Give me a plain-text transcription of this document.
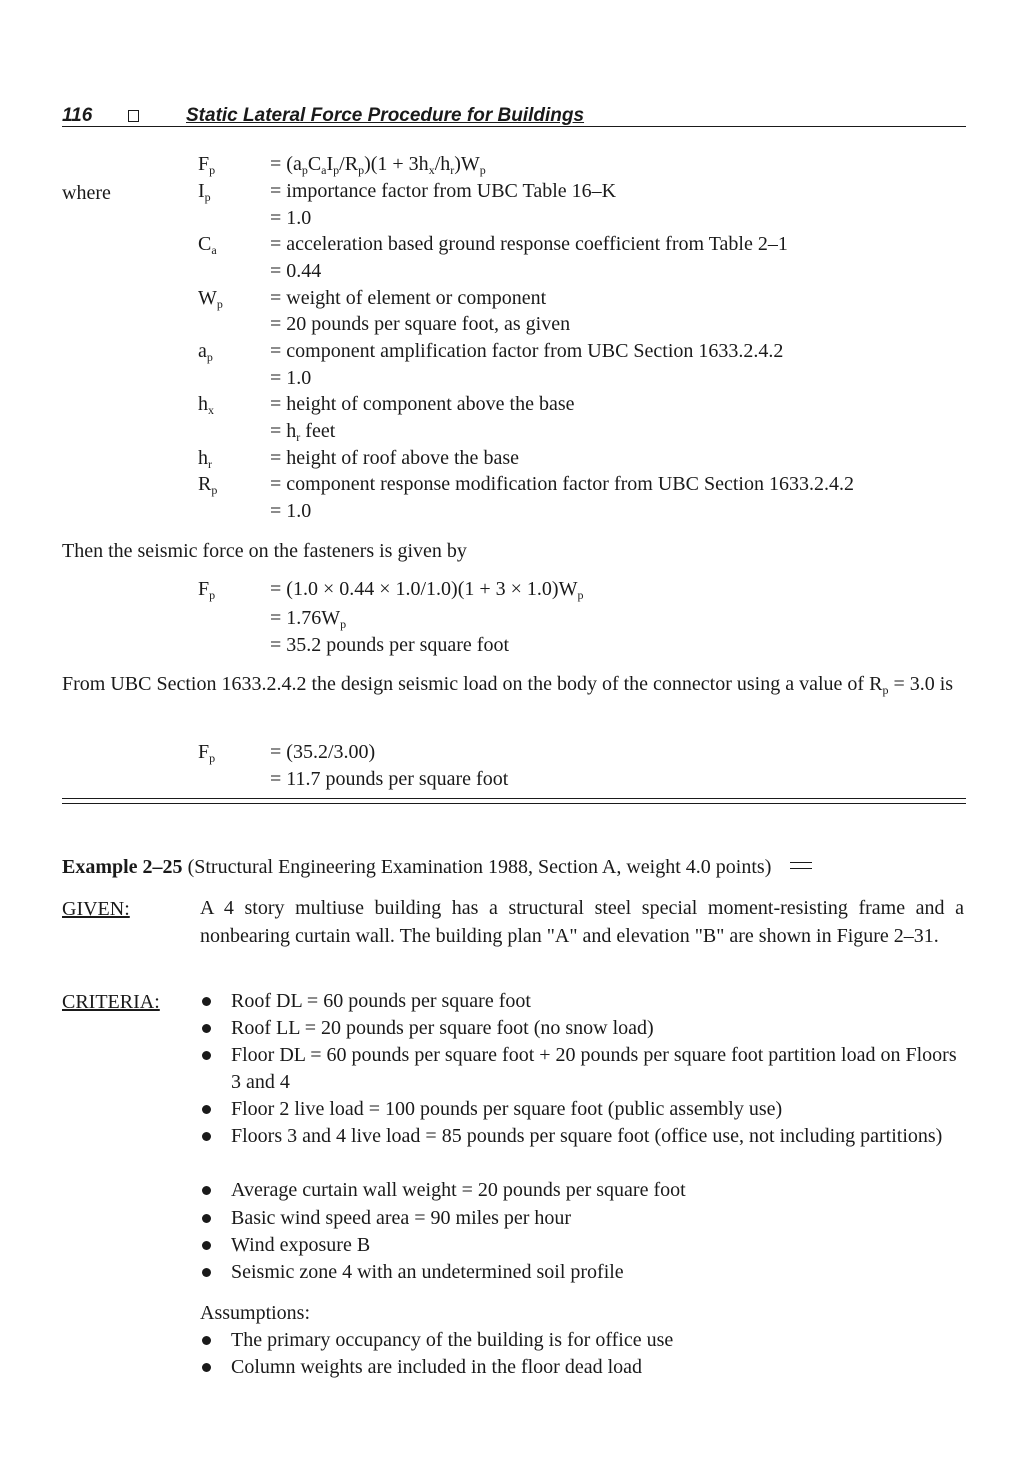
116	Static Lateral Force Procedure for Buildings
where
$F_p$	= $(a_pC_aI_p/R_p)(1 + 3h_x/h_r)W_p$
$I_p$	= importance factor from UBC Table 16–K
= 1.0
$C_a$	= acceleration based ground response coefficient from Table 2–1
= 0.44
$W_p$ = weight of element or component
= 20 pounds per square foot, as given
$a_p$	= component amplification factor from UBC Section 1633.2.4.2
= 1.0
$h_x$	= height of component above the base
= $h_r$ feet
$h_r$	= height of roof above the base
$R_p$	= component response modification factor from UBC Section 1633.2.4.2
= 1.0
Then the seismic force on the fasteners is given by
$F_p$	= $(1.0 \times 0.44 \times 1.0/1.0)(1 + 3 \times 1.0)W_p$
= $1.76W_p$
= 35.2 pounds per square foot
From UBC Section 1633.2.4.2 the design seismic load on the body of the connector using a value of $R_p = 3.0$ is
$F_p$	= (35.2/3.00)
= 11.7 pounds per square foot
Example 2–25 (Structural Engineering Examination 1988, Section A, weight 4.0 points)
GIVEN:	A 4 story multiuse building has a structural steel special moment-resisting frame and a nonbearing curtain wall. The building plan "A" and elevation "B" are shown in Figure 2–31.
CRITERIA:	Roof DL = 60 pounds per square foot
Roof LL = 20 pounds per square foot (no snow load)
Floor DL = 60 pounds per square foot + 20 pounds per square foot partition load on Floors 3 and 4
Floor 2 live load = 100 pounds per square foot (public assembly use)
Floors 3 and 4 live load = 85 pounds per square foot (office use, not including partitions)
Average curtain wall weight = 20 pounds per square foot
Basic wind speed area = 90 miles per hour
Wind exposure B
Seismic zone 4 with an undetermined soil profile
Assumptions:
The primary occupancy of the building is for office use
Column weights are included in the floor dead load
